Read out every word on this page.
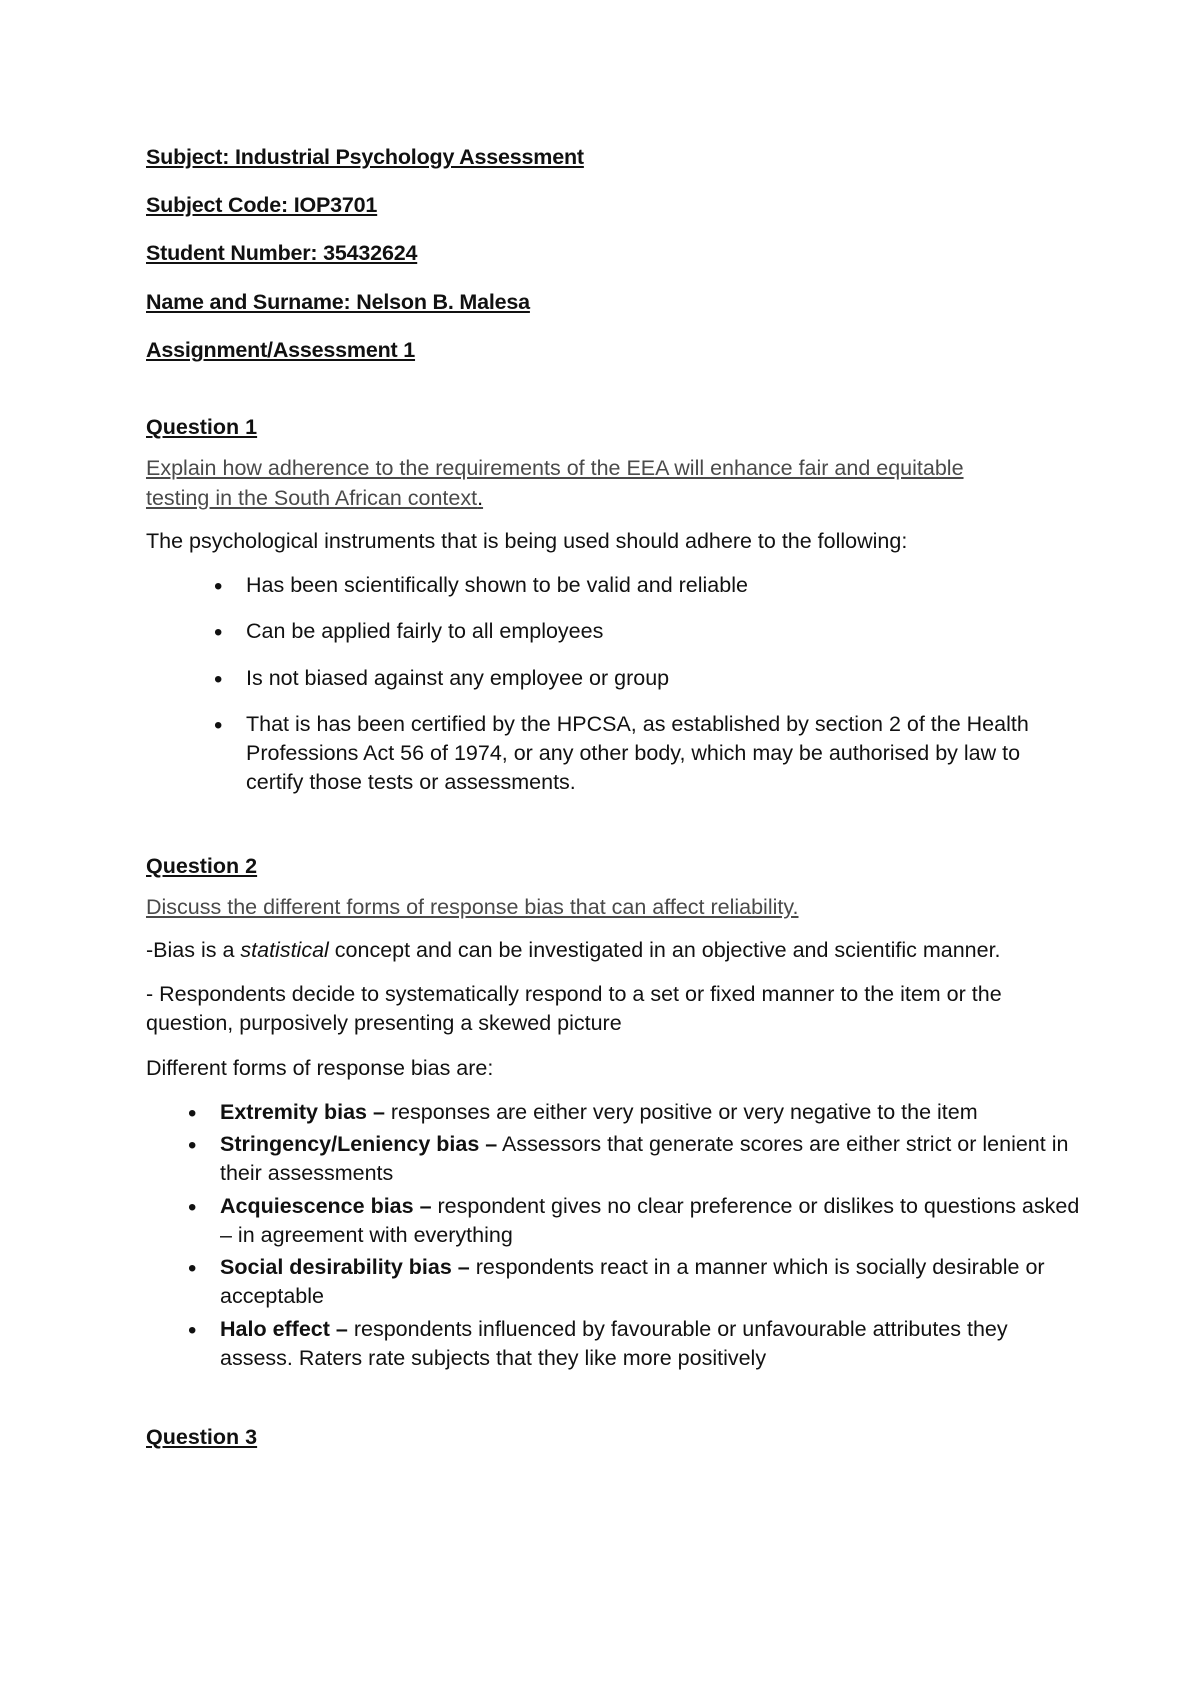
Subject: Industrial Psychology Assessment

Subject Code: IOP3701

Student Number: 35432624

Name and Surname: Nelson B. Malesa

Assignment/Assessment 1

Question 1

Explain how adherence to the requirements of the EEA will enhance fair and equitable testing in the South African context.

The psychological instruments that is being used should adhere to the following:

• Has been scientifically shown to be valid and reliable
• Can be applied fairly to all employees
• Is not biased against any employee or group
• That is has been certified by the HPCSA, as established by section 2 of the Health Professions Act 56 of 1974, or any other body, which may be authorised by law to certify those tests or assessments.

Question 2

Discuss the different forms of response bias that can affect reliability.

-Bias is a statistical concept and can be investigated in an objective and scientific manner.

- Respondents decide to systematically respond to a set or fixed manner to the item or the question, purposively presenting a skewed picture

Different forms of response bias are:

• Extremity bias – responses are either very positive or very negative to the item
• Stringency/Leniency bias – Assessors that generate scores are either strict or lenient in their assessments
• Acquiescence bias – respondent gives no clear preference or dislikes to questions asked – in agreement with everything
• Social desirability bias – respondents react in a manner which is socially desirable or acceptable
• Halo effect – respondents influenced by favourable or unfavourable attributes they assess. Raters rate subjects that they like more positively

Question 3
